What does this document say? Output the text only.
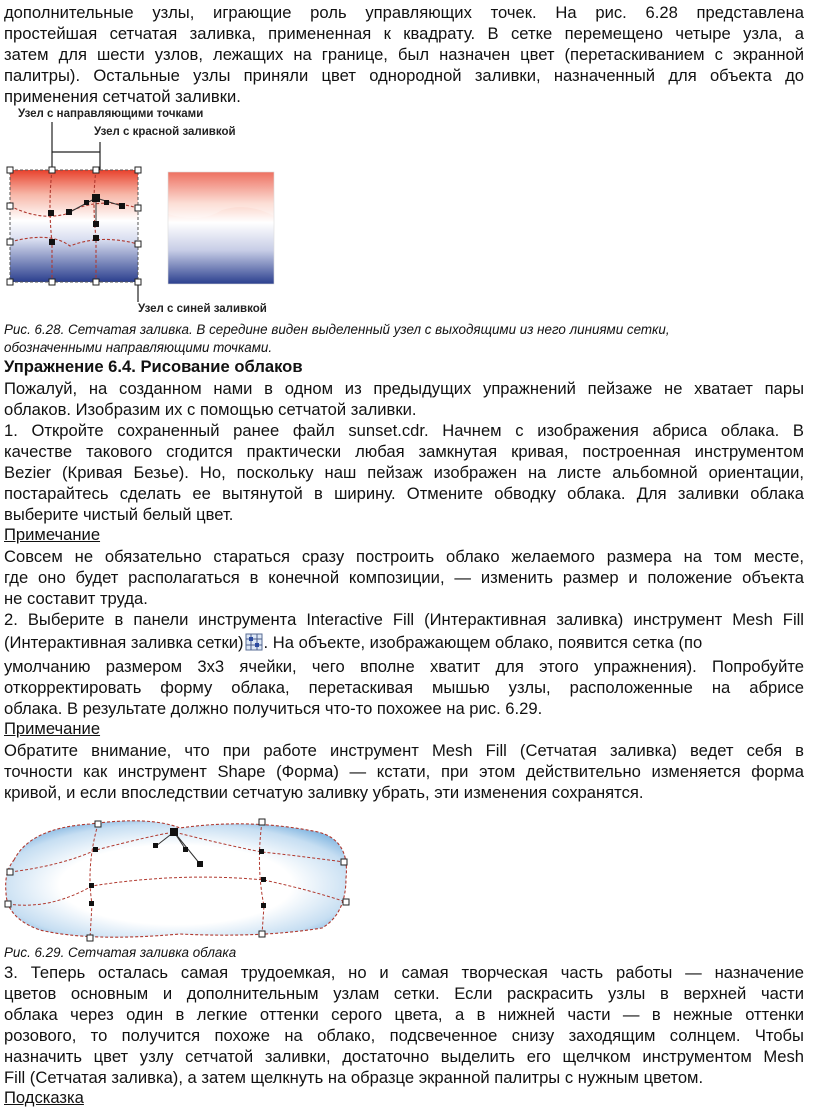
дополнительные узлы, играющие роль управляющих точек. На рис. 6.28 представлена

простейшая сетчатая заливка, примененная к квадрату. В сетке перемещено четыре узла, а

затем для шести узлов, лежащих на границе, был назначен цвет (перетаскиванием с экранной

палитры). Остальные узлы приняли цвет однородной заливки, назначенный для объекта до

применения сетчатой заливки.

Узел с направляющими точками
Узел с красной заливкой
Узел с синей заливкой

Рис. 6.28. Сетчатая заливка. В середине виден выделенный узел с выходящими из него линиями сетки,

обозначенными направляющими точками.

Упражнение 6.4. Рисование облаков

Пожалуй, на созданном нами в одном из предыдущих упражнений пейзаже не хватает пары

облаков. Изобразим их с помощью сетчатой заливки.

1. Откройте сохраненный ранее файл sunset.cdr. Начнем с изображения абриса облака. В

качестве такового сгодится практически любая замкнутая кривая, построенная инструментом

Bezier (Кривая Безье). Но, поскольку наш пейзаж изображен на листе альбомной ориентации,

постарайтесь сделать ее вытянутой в ширину. Отмените обводку облака. Для заливки облака

выберите чистый белый цвет.

Примечание

Совсем не обязательно стараться сразу построить облако желаемого размера на том месте,

где оно будет располагаться в конечной композиции, — изменить размер и положение объекта

не составит труда.

2. Выберите в панели инструмента Interactive Fill (Интерактивная заливка) инструмент Mesh Fill

(Интерактивная заливка сетки) . На объекте, изображающем облако, появится сетка (по

умолчанию размером 3x3 ячейки, чего вполне хватит для этого упражнения). Попробуйте

откорректировать форму облака, перетаскивая мышью узлы, расположенные на абрисе

облака. В результате должно получиться что-то похожее на рис. 6.29.

Примечание

Обратите внимание, что при работе инструмент Mesh Fill (Сетчатая заливка) ведет себя в

точности как инструмент Shape (Форма) — кстати, при этом действительно изменяется форма

кривой, и если впоследствии сетчатую заливку убрать, эти изменения сохранятся.

Рис. 6.29. Сетчатая заливка облака

3. Теперь осталась самая трудоемкая, но и самая творческая часть работы — назначение

цветов основным и дополнительным узлам сетки. Если раскрасить узлы в верхней части

облака через один в легкие оттенки серого цвета, а в нижней части — в нежные оттенки

розового, то получится похоже на облако, подсвеченное снизу заходящим солнцем. Чтобы

назначить цвет узлу сетчатой заливки, достаточно выделить его щелчком инструментом Mesh

Fill (Сетчатая заливка), а затем щелкнуть на образце экранной палитры с нужным цветом.

Подсказка
